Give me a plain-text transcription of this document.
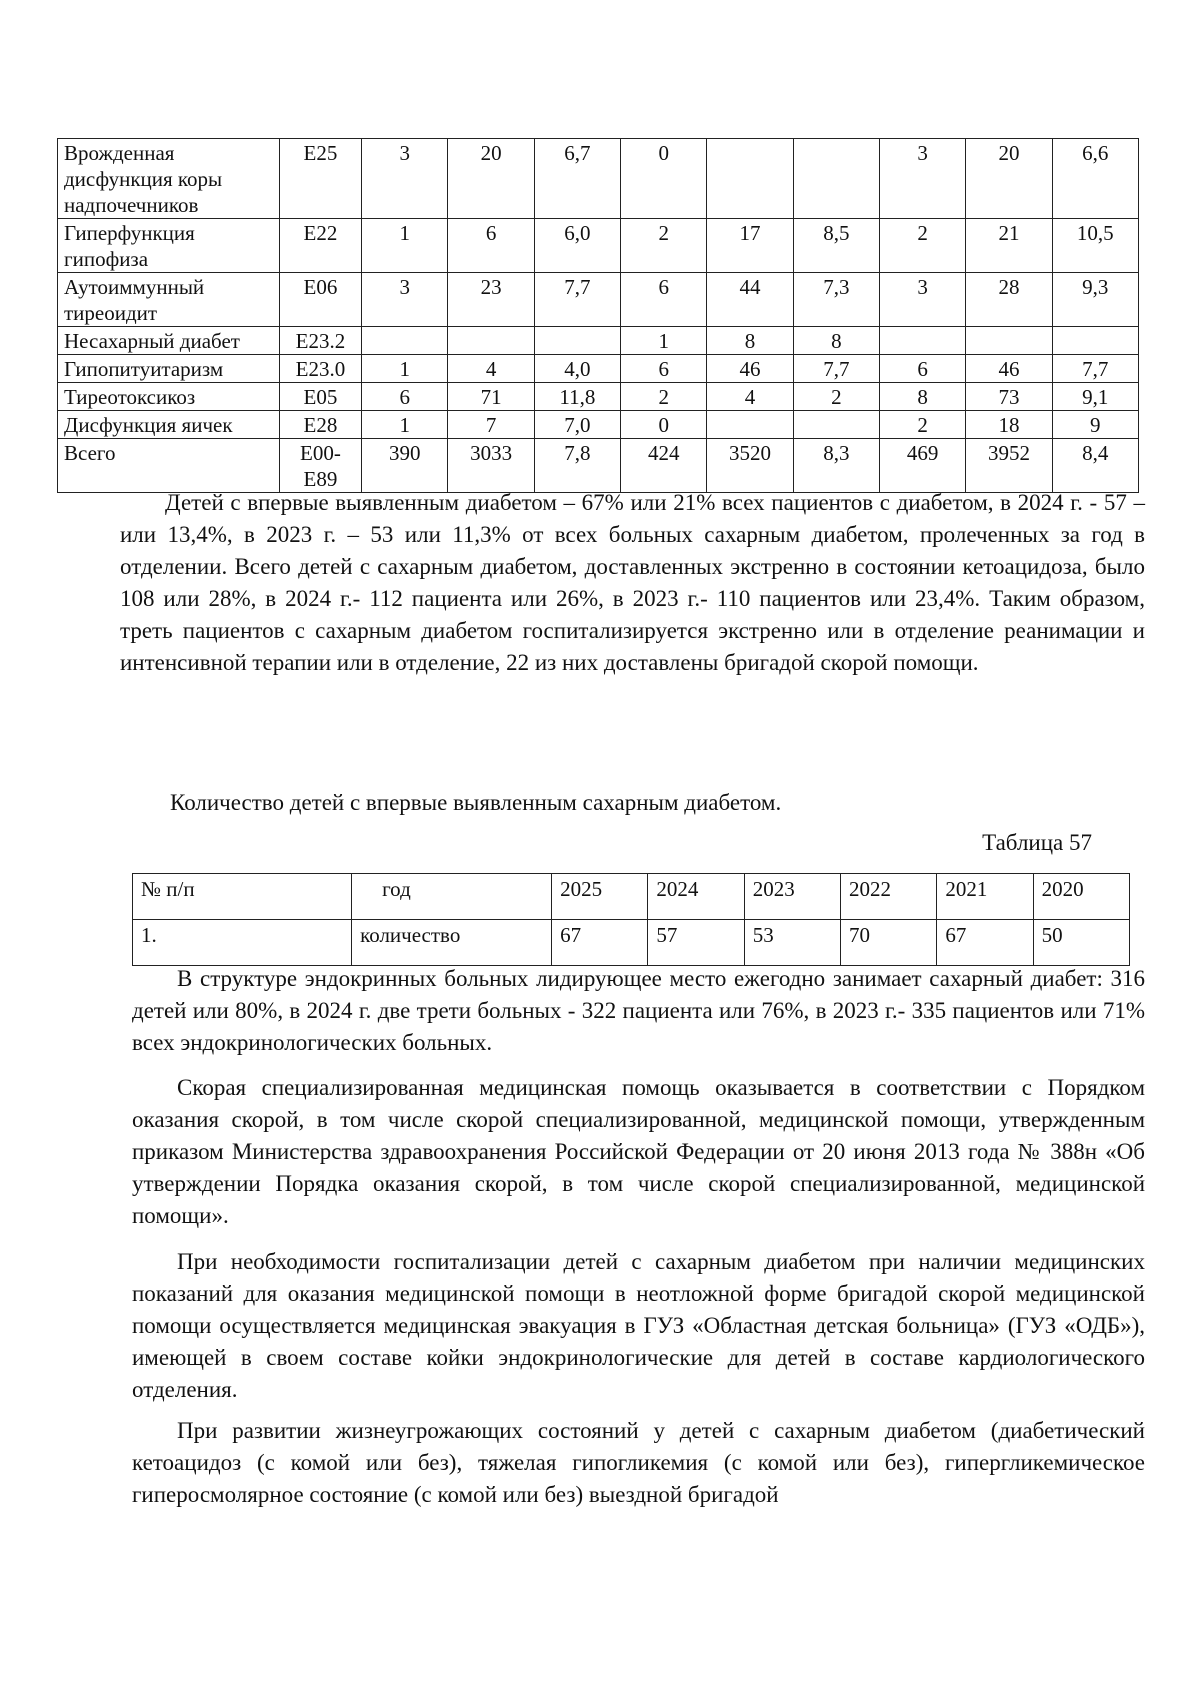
Врожденная дисфункция коры надпочечников	Е25	3	20	6,7	0			3	20	6,6
Гиперфункция гипофиза	Е22	1	6	6,0	2	17	8,5	2	21	10,5
Аутоиммунный тиреоидит	Е06	3	23	7,7	6	44	7,3	3	28	9,3
Несахарный диабет	Е23.2				1	8	8			
Гипопитуитаризм	Е23.0	1	4	4,0	6	46	7,7	6	46	7,7
Тиреотоксикоз	Е05	6	71	11,8	2	4	2	8	73	9,1
Дисфункция яичек	Е28	1	7	7,0	0			2	18	9
Всего	Е00-Е89	390	3033	7,8	424	3520	8,3	469	3952	8,4
Детей с впервые выявленным диабетом – 67% или 21% всех пациентов с диабетом, в 2024 г. - 57 – или 13,4%, в 2023 г. – 53 или 11,3% от всех больных сахарным диабетом, пролеченных за год в отделении. Всего детей с сахарным диабетом, доставленных экстренно в состоянии кетоацидоза, было 108 или 28%, в 2024 г.- 112 пациента или 26%, в 2023 г.- 110 пациентов или 23,4%. Таким образом, треть пациентов с сахарным диабетом госпитализируется экстренно или в отделение реанимации и интенсивной терапии или в отделение, 22 из них доставлены бригадой скорой помощи.
Количество детей с впервые выявленным сахарным диабетом.
Таблица 57
№ п/п	год	2025	2024	2023	2022	2021	2020
1.	количество	67	57	53	70	67	50
В структуре эндокринных больных лидирующее место ежегодно занимает сахарный диабет: 316 детей или 80%, в 2024 г. две трети больных - 322 пациента или 76%, в 2023 г.- 335 пациентов или 71% всех эндокринологических больных.
Скорая специализированная медицинская помощь оказывается в соответствии с Порядком оказания скорой, в том числе скорой специализированной, медицинской помощи, утвержденным приказом Министерства здравоохранения Российской Федерации от 20 июня 2013 года № 388н «Об утверждении Порядка оказания скорой, в том числе скорой специализированной, медицинской помощи».
При необходимости госпитализации детей с сахарным диабетом при наличии медицинских показаний для оказания медицинской помощи в неотложной форме бригадой скорой медицинской помощи осуществляется медицинская эвакуация в ГУЗ «Областная детская больница» (ГУЗ «ОДБ»), имеющей в своем составе койки эндокринологические для детей в составе кардиологического отделения.
При развитии жизнеугрожающих состояний у детей с сахарным диабетом (диабетический кетоацидоз (с комой или без), тяжелая гипогликемия (с комой или без), гипергликемическое гиперосмолярное состояние (с комой или без) выездной бригадой
